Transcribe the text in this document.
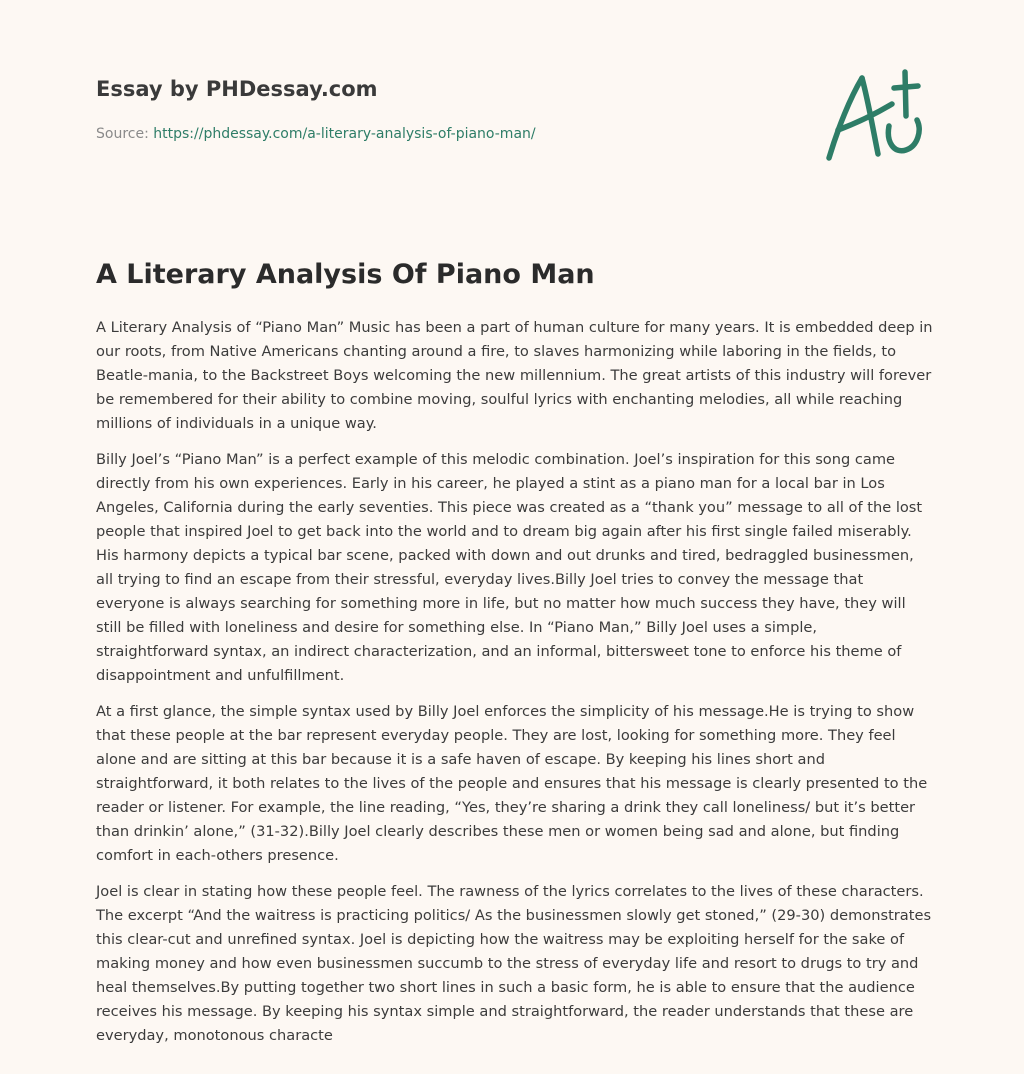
Essay by PHDessay.com
Source: https://phdessay.com/a-literary-analysis-of-piano-man/
A Literary Analysis Of Piano Man

A Literary Analysis of “Piano Man” Music has been a part of human culture for many years. It is embedded deep in our roots, from Native Americans chanting around a fire, to slaves harmonizing while laboring in the fields, to Beatle-mania, to the Backstreet Boys welcoming the new millennium. The great artists of this industry will forever be remembered for their ability to combine moving, soulful lyrics with enchanting melodies, all while reaching millions of individuals in a unique way.

Billy Joel’s “Piano Man” is a perfect example of this melodic combination. Joel’s inspiration for this song came directly from his own experiences. Early in his career, he played a stint as a piano man for a local bar in Los Angeles, California during the early seventies. This piece was created as a “thank you” message to all of the lost people that inspired Joel to get back into the world and to dream big again after his first single failed miserably. His harmony depicts a typical bar scene, packed with down and out drunks and tired, bedraggled businessmen, all trying to find an escape from their stressful, everyday lives.Billy Joel tries to convey the message that everyone is always searching for something more in life, but no matter how much success they have, they will still be filled with loneliness and desire for something else. In “Piano Man,” Billy Joel uses a simple, straightforward syntax, an indirect characterization, and an informal, bittersweet tone to enforce his theme of disappointment and unfulfillment.

At a first glance, the simple syntax used by Billy Joel enforces the simplicity of his message.He is trying to show that these people at the bar represent everyday people. They are lost, looking for something more. They feel alone and are sitting at this bar because it is a safe haven of escape. By keeping his lines short and straightforward, it both relates to the lives of the people and ensures that his message is clearly presented to the reader or listener. For example, the line reading, “Yes, they’re sharing a drink they call loneliness/ but it’s better than drinkin’ alone,” (31-32).Billy Joel clearly describes these men or women being sad and alone, but finding comfort in each-others presence.

Joel is clear in stating how these people feel. The rawness of the lyrics correlates to the lives of these characters. The excerpt “And the waitress is practicing politics/ As the businessmen slowly get stoned,” (29-30) demonstrates this clear-cut and unrefined syntax. Joel is depicting how the waitress may be exploiting herself for the sake of making money and how even businessmen succumb to the stress of everyday life and resort to drugs to try and heal themselves.By putting together two short lines in such a basic form, he is able to ensure that the audience receives his message. By keeping his syntax simple and straightforward, the reader understands that these are everyday, monotonous characte
